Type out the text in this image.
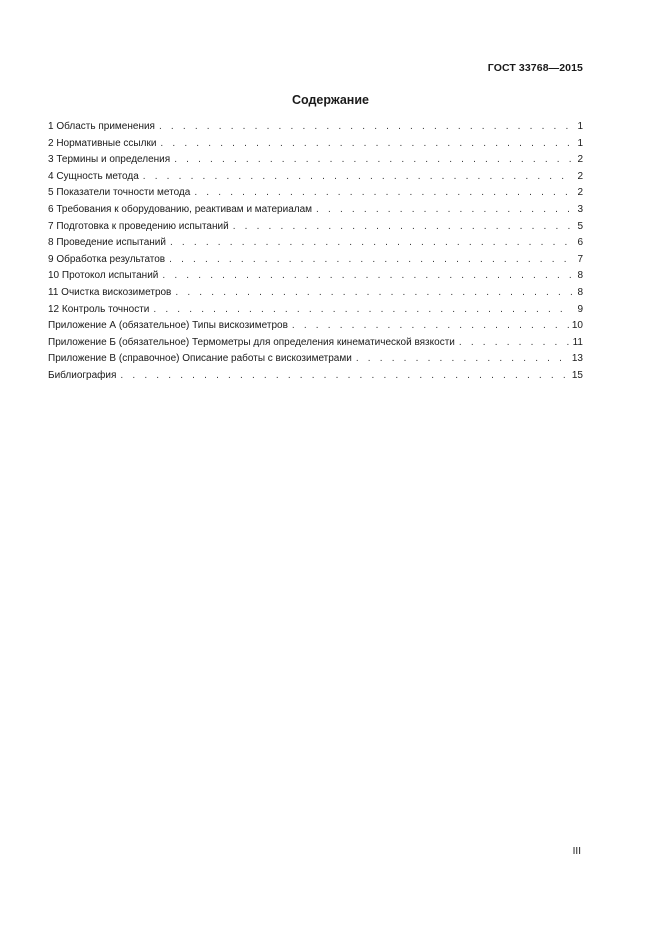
ГОСТ 33768—2015
Содержание
1 Область применения . . .	1
2 Нормативные ссылки . . .	1
3 Термины и определения . . .	2
4 Сущность метода . . .	2
5 Показатели точности метода . . .	2
6 Требования к оборудованию, реактивам и материалам . . .	3
7 Подготовка к проведению испытаний . . .	5
8 Проведение испытаний . . .	6
9 Обработка результатов . . .	7
10 Протокол испытаний . . .	8
11 Очистка вискозиметров . . .	8
12 Контроль точности . . .	9
Приложение А (обязательное) Типы вискозиметров . . .	10
Приложение Б (обязательное) Термометры для определения кинематической вязкости . . .	11
Приложение В (справочное) Описание работы с вискозиметрами . . .	13
Библиография . . .	15
III
